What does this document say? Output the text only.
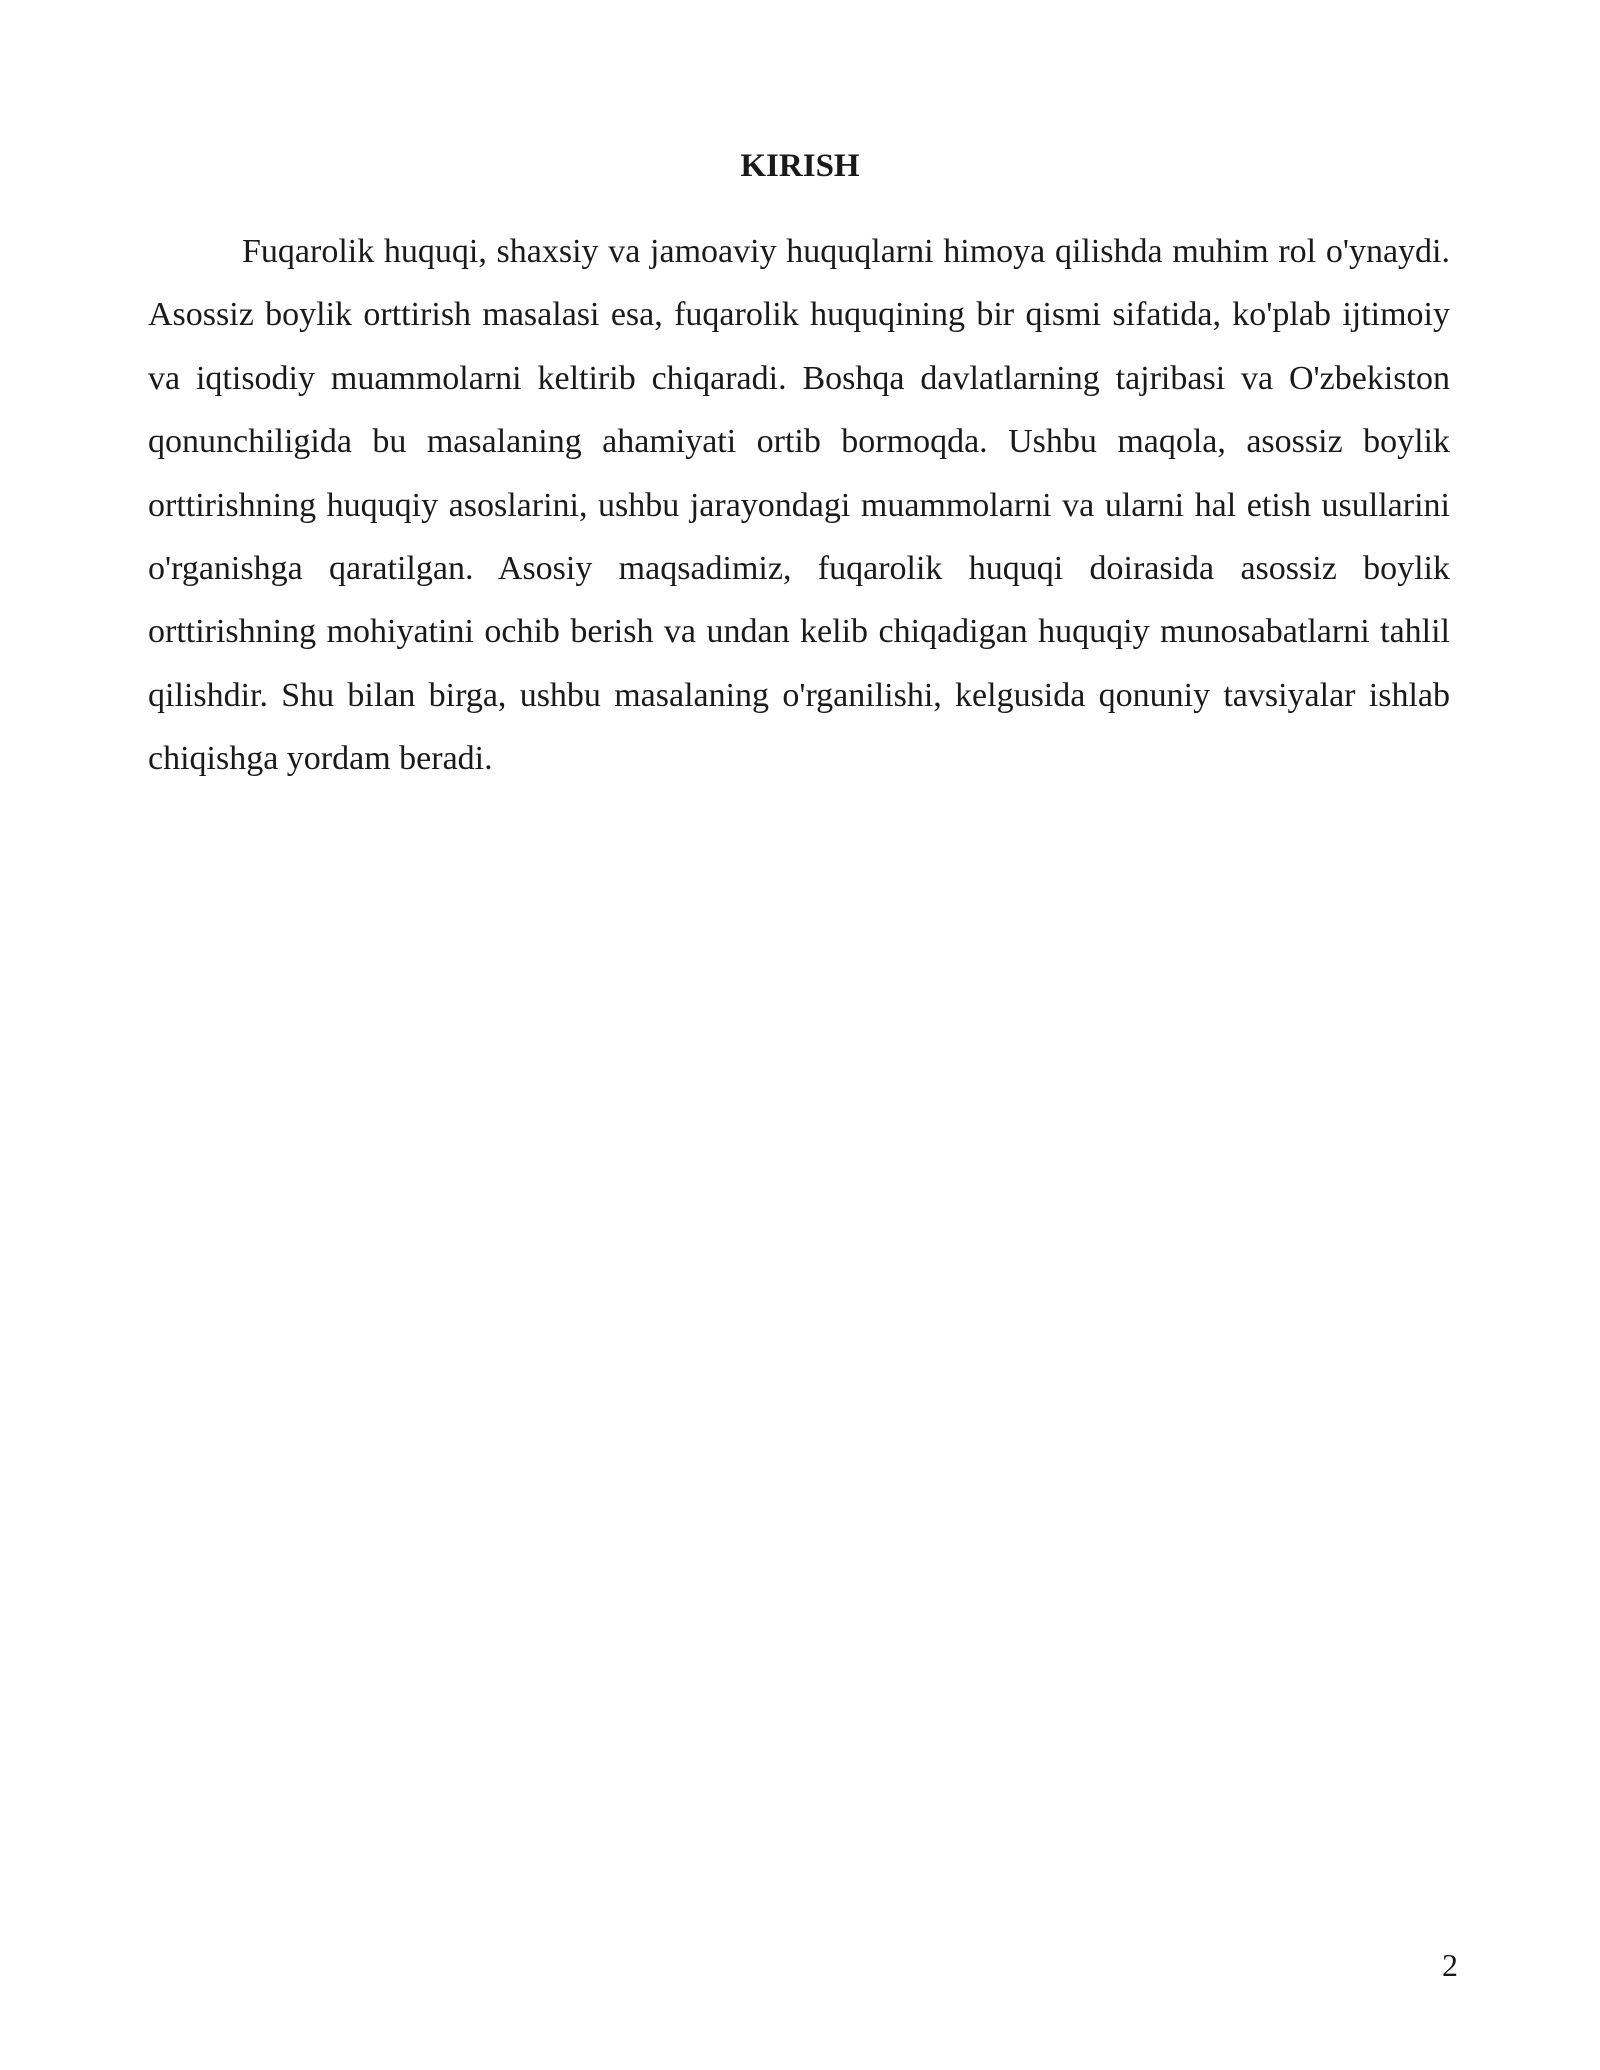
KIRISH

Fuqarolik huquqi, shaxsiy va jamoaviy huquqlarni himoya qilishda muhim rol o'ynaydi. Asossiz boylik orttirish masalasi esa, fuqarolik huquqining bir qismi sifatida, ko'plab ijtimoiy va iqtisodiy muammolarni keltirib chiqaradi. Boshqa davlatlarning tajribasi va O'zbekiston qonunchiligida bu masalaning ahamiyati ortib bormoqda. Ushbu maqola, asossiz boylik orttirishning huquqiy asoslarini, ushbu jarayondagi muammolarni va ularni hal etish usullarini o'rganishga qaratilgan. Asosiy maqsadimiz, fuqarolik huquqi doirasida asossiz boylik orttirishning mohiyatini ochib berish va undan kelib chiqadigan huquqiy munosabatlarni tahlil qilishdir. Shu bilan birga, ushbu masalaning o'rganilishi, kelgusida qonuniy tavsiyalar ishlab chiqishga yordam beradi.

2
